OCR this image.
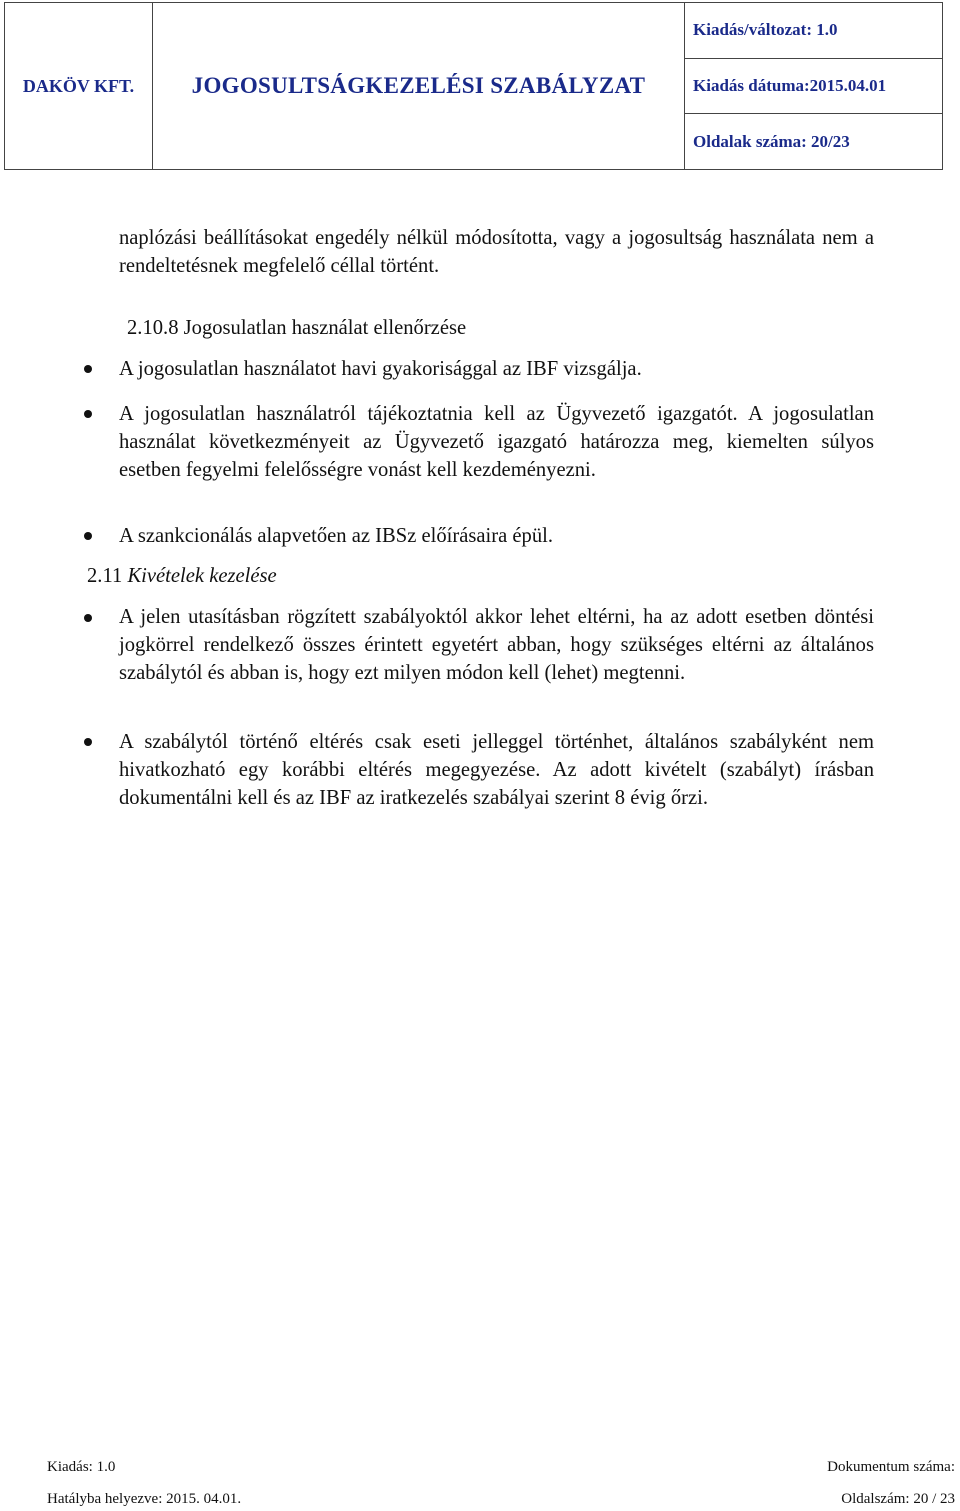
DAKÖV KFT.	JOGOSULTSÁGKEZELÉSI SZABÁLYZAT	Kiadás/változat: 1.0
Kiadás dátuma:2015.04.01
Oldalak száma: 20/23
naplózási beállításokat engedély nélkül módosította, vagy a jogosultság használata nem a rendeltetésnek megfelelő céllal történt.
2.10.8 Jogosulatlan használat ellenőrzése
A jogosulatlan használatot havi gyakorisággal az IBF vizsgálja.
A jogosulatlan használatról tájékoztatnia kell az Ügyvezető igazgatót. A jogosulatlan használat következményeit az Ügyvezető igazgató határozza meg, kiemelten súlyos esetben fegyelmi felelősségre vonást kell kezdeményezni.
A szankcionálás alapvetően az IBSz előírásaira épül.
2.11 Kivételek kezelése
A jelen utasításban rögzített szabályoktól akkor lehet eltérni, ha az adott esetben döntési jogkörrel rendelkező összes érintett egyetért abban, hogy szükséges eltérni az általános szabálytól és abban is, hogy ezt milyen módon kell (lehet) megtenni.
A szabálytól történő eltérés csak eseti jelleggel történhet, általános szabályként nem hivatkozható egy korábbi eltérés megegyezése. Az adott kivételt (szabályt) írásban dokumentálni kell és az IBF az iratkezelés szabályai szerint 8 évig őrzi.
Kiadás: 1.0
Hatályba helyezve: 2015. 04.01.
Dokumentum száma:
Oldalszám: 20 / 23
